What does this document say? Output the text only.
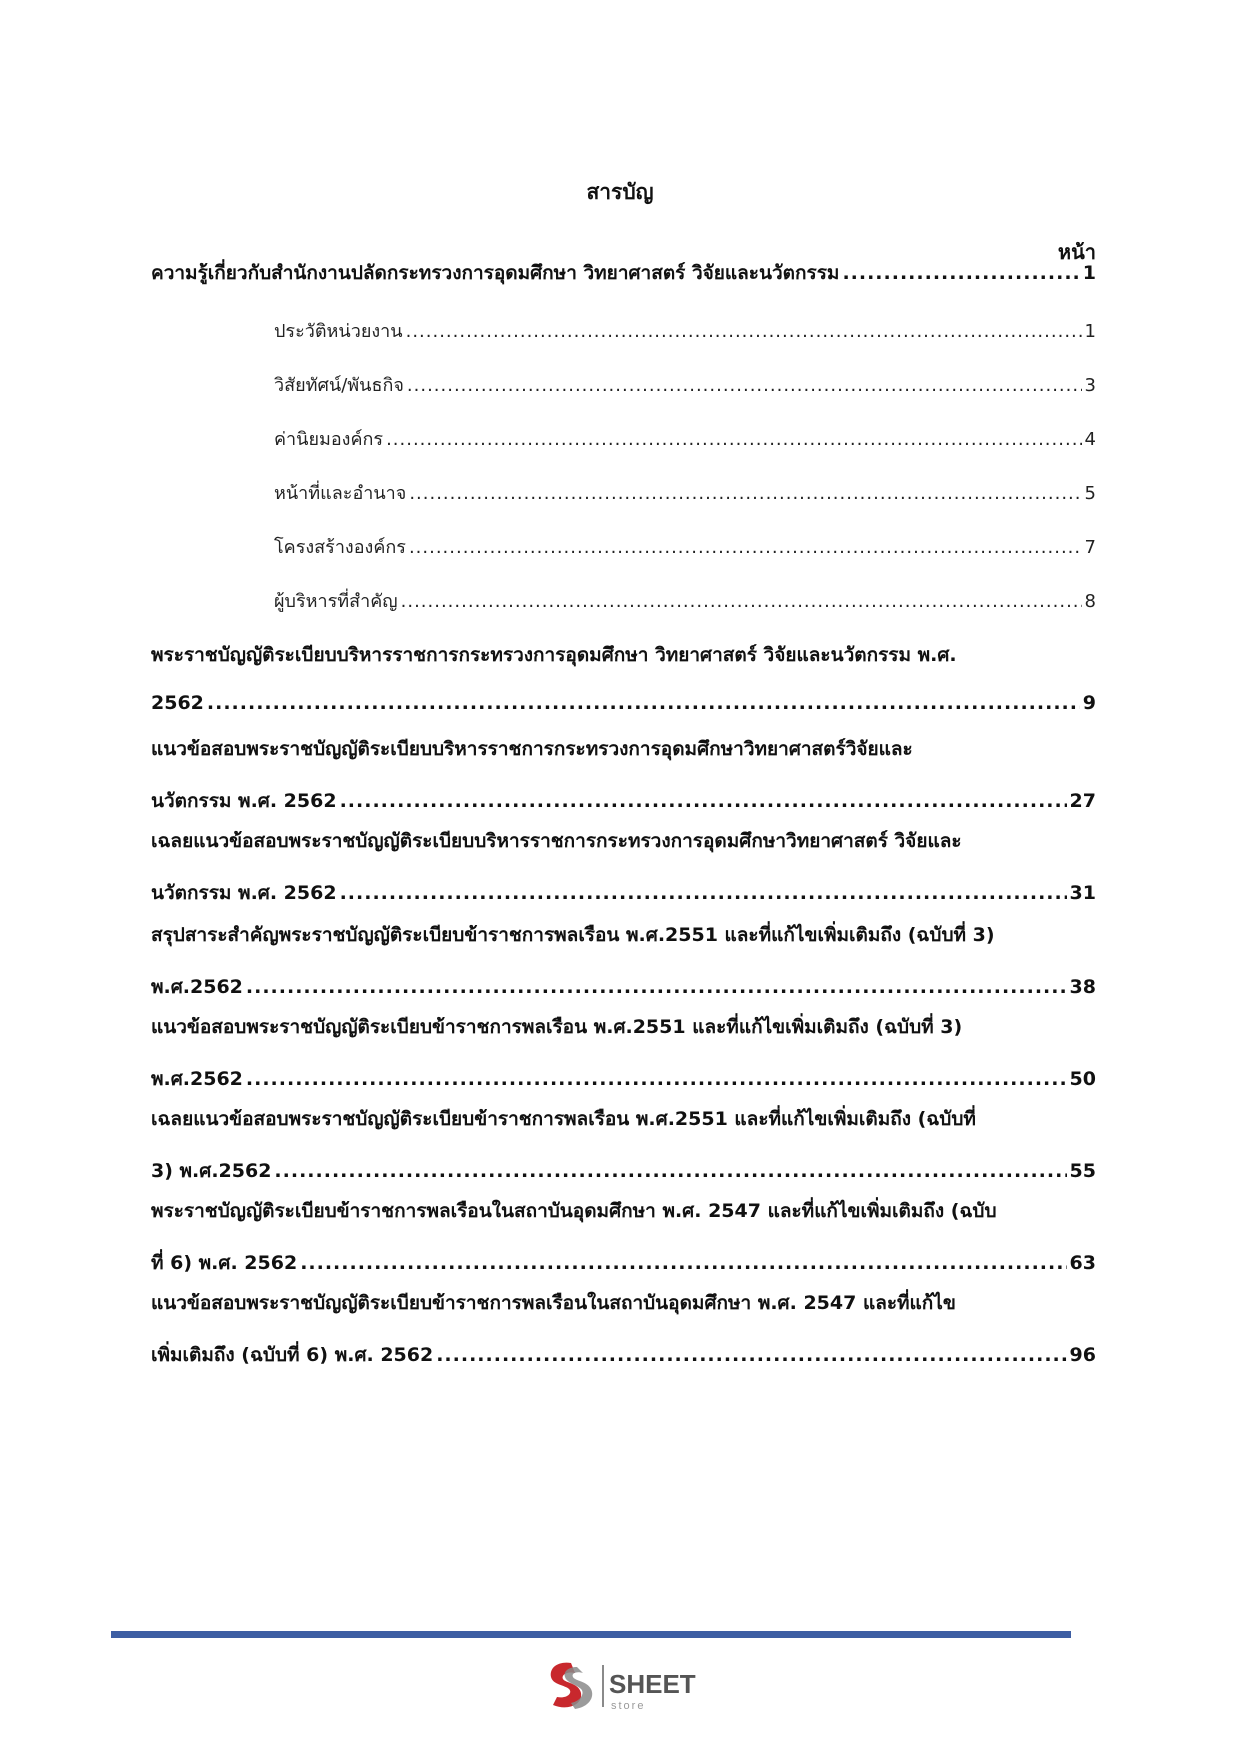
สารบัญ
หน้า
ความรู้เกี่ยวกับสำนักงานปลัดกระทรวงการอุดมศึกษา วิทยาศาสตร์ วิจัยและนวัตกรรม .....	1
ประวัติหน่วยงาน .....	1
วิสัยทัศน์/พันธกิจ .....	3
ค่านิยมองค์กร .....	4
หน้าที่และอำนาจ .....	5
โครงสร้างองค์กร .....	7
ผู้บริหารที่สำคัญ .....	8
พระราชบัญญัติระเบียบบริหารราชการกระทรวงการอุดมศึกษา วิทยาศาสตร์ วิจัยและนวัตกรรม พ.ศ.
2562 .....	9
แนวข้อสอบพระราชบัญญัติระเบียบบริหารราชการกระทรวงการอุดมศึกษาวิทยาศาสตร์วิจัยและ
นวัตกรรม พ.ศ. 2562 .....	27
เฉลยแนวข้อสอบพระราชบัญญัติระเบียบบริหารราชการกระทรวงการอุดมศึกษาวิทยาศาสตร์ วิจัยและ
นวัตกรรม พ.ศ. 2562 .....	31
สรุปสาระสำคัญพระราชบัญญัติระเบียบข้าราชการพลเรือน พ.ศ.2551 และที่แก้ไขเพิ่มเติมถึง (ฉบับที่ 3)
พ.ศ.2562 .....	38
แนวข้อสอบพระราชบัญญัติระเบียบข้าราชการพลเรือน พ.ศ.2551 และที่แก้ไขเพิ่มเติมถึง (ฉบับที่ 3)
พ.ศ.2562 .....	50
เฉลยแนวข้อสอบพระราชบัญญัติระเบียบข้าราชการพลเรือน พ.ศ.2551 และที่แก้ไขเพิ่มเติมถึง (ฉบับที่
3) พ.ศ.2562 .....	55
พระราชบัญญัติระเบียบข้าราชการพลเรือนในสถาบันอุดมศึกษา พ.ศ. 2547 และที่แก้ไขเพิ่มเติมถึง (ฉบับ
ที่ 6) พ.ศ. 2562 .....	63
แนวข้อสอบพระราชบัญญัติระเบียบข้าราชการพลเรือนในสถาบันอุดมศึกษา พ.ศ. 2547 และที่แก้ไข
เพิ่มเติมถึง (ฉบับที่ 6) พ.ศ. 2562 .....	96
SHEET
store
